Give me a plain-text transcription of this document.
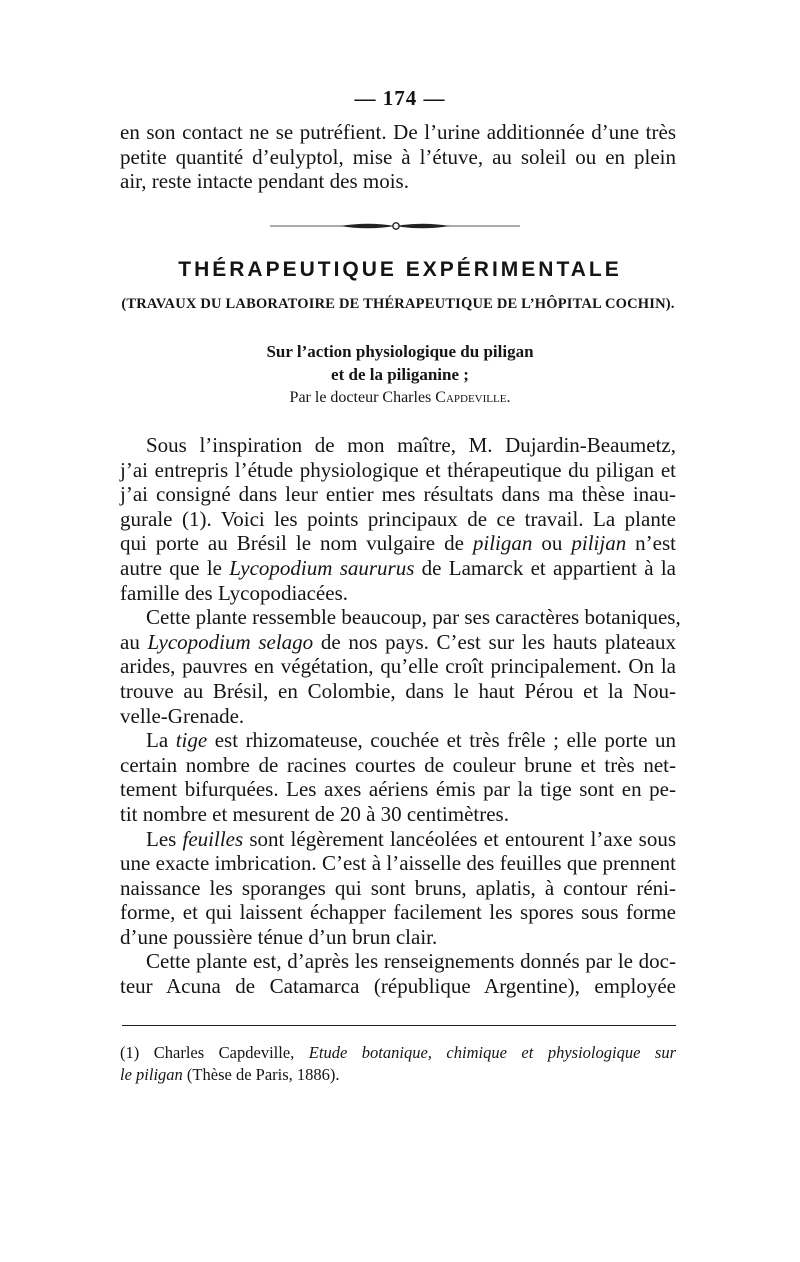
— 174 —

en son contact ne se putréfient. De l’urine additionnée d’une très
petite quantité d’eulyptol, mise à l’étuve, au soleil ou en plein
air, reste intacte pendant des mois.

THÉRAPEUTIQUE EXPÉRIMENTALE
(TRAVAUX DU LABORATOIRE DE THÉRAPEUTIQUE DE L’HÔPITAL COCHIN).
Sur l’action physiologique du piligan
et de la piliganine ;
Par le docteur Charles Capdeville.

Sous l’inspiration de mon maître, M. Dujardin-Beaumetz,
j’ai entrepris l’étude physiologique et thérapeutique du piligan et
j’ai consigné dans leur entier mes résultats dans ma thèse inau-
gurale (1). Voici les points principaux de ce travail. La plante
qui porte au Brésil le nom vulgaire de piligan ou pilijan n’est
autre que le Lycopodium saururus de Lamarck et appartient à la
famille des Lycopodiacées.

Cette plante ressemble beaucoup, par ses caractères botaniques,
au Lycopodium selago de nos pays. C’est sur les hauts plateaux
arides, pauvres en végétation, qu’elle croît principalement. On la
trouve au Brésil, en Colombie, dans le haut Pérou et la Nou-
velle-Grenade.

La tige est rhizomateuse, couchée et très frêle ; elle porte un
certain nombre de racines courtes de couleur brune et très net-
tement bifurquées. Les axes aériens émis par la tige sont en pe-
tit nombre et mesurent de 20 à 30 centimètres.

Les feuilles sont légèrement lancéolées et entourent l’axe sous
une exacte imbrication. C’est à l’aisselle des feuilles que prennent
naissance les sporanges qui sont bruns, aplatis, à contour réni-
forme, et qui laissent échapper facilement les spores sous forme
d’une poussière ténue d’un brun clair.

Cette plante est, d’après les renseignements donnés par le doc-
teur Acuna de Catamarca (république Argentine), employée

(1) Charles Capdeville, Etude botanique, chimique et physiologique sur
le piligan (Thèse de Paris, 1886).
